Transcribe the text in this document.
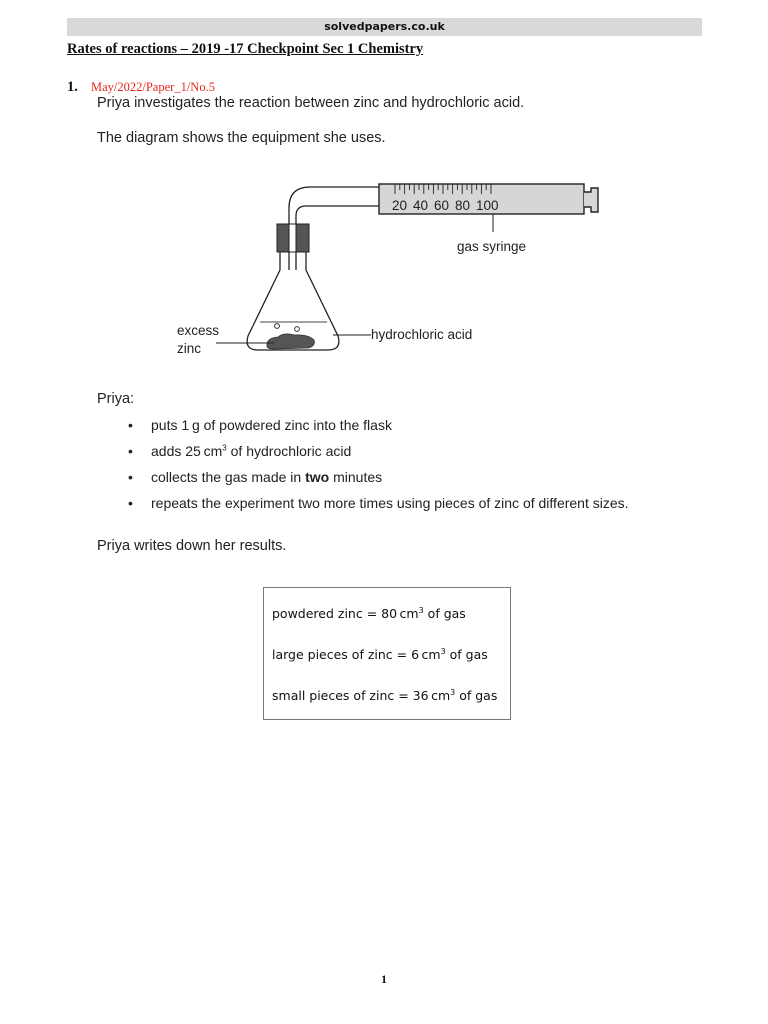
solvedpapers.co.uk
Rates of reactions – 2019 -17 Checkpoint Sec 1 Chemistry
1. May/2022/Paper_1/No.5
Priya investigates the reaction between zinc and hydrochloric acid.
The diagram shows the equipment she uses.
20 40 60 80 100
gas syringe
excess
zinc
hydrochloric acid
Priya:
• puts 1 g of powdered zinc into the flask
• adds 25 $cm^3$ of hydrochloric acid
• collects the gas made in two minutes
• repeats the experiment two more times using pieces of zinc of different sizes.
Priya writes down her results.
powdered zinc = 80 $cm^3$ of gas
large pieces of zinc = 6 $cm^3$ of gas
small pieces of zinc = 36 $cm^3$ of gas
1
